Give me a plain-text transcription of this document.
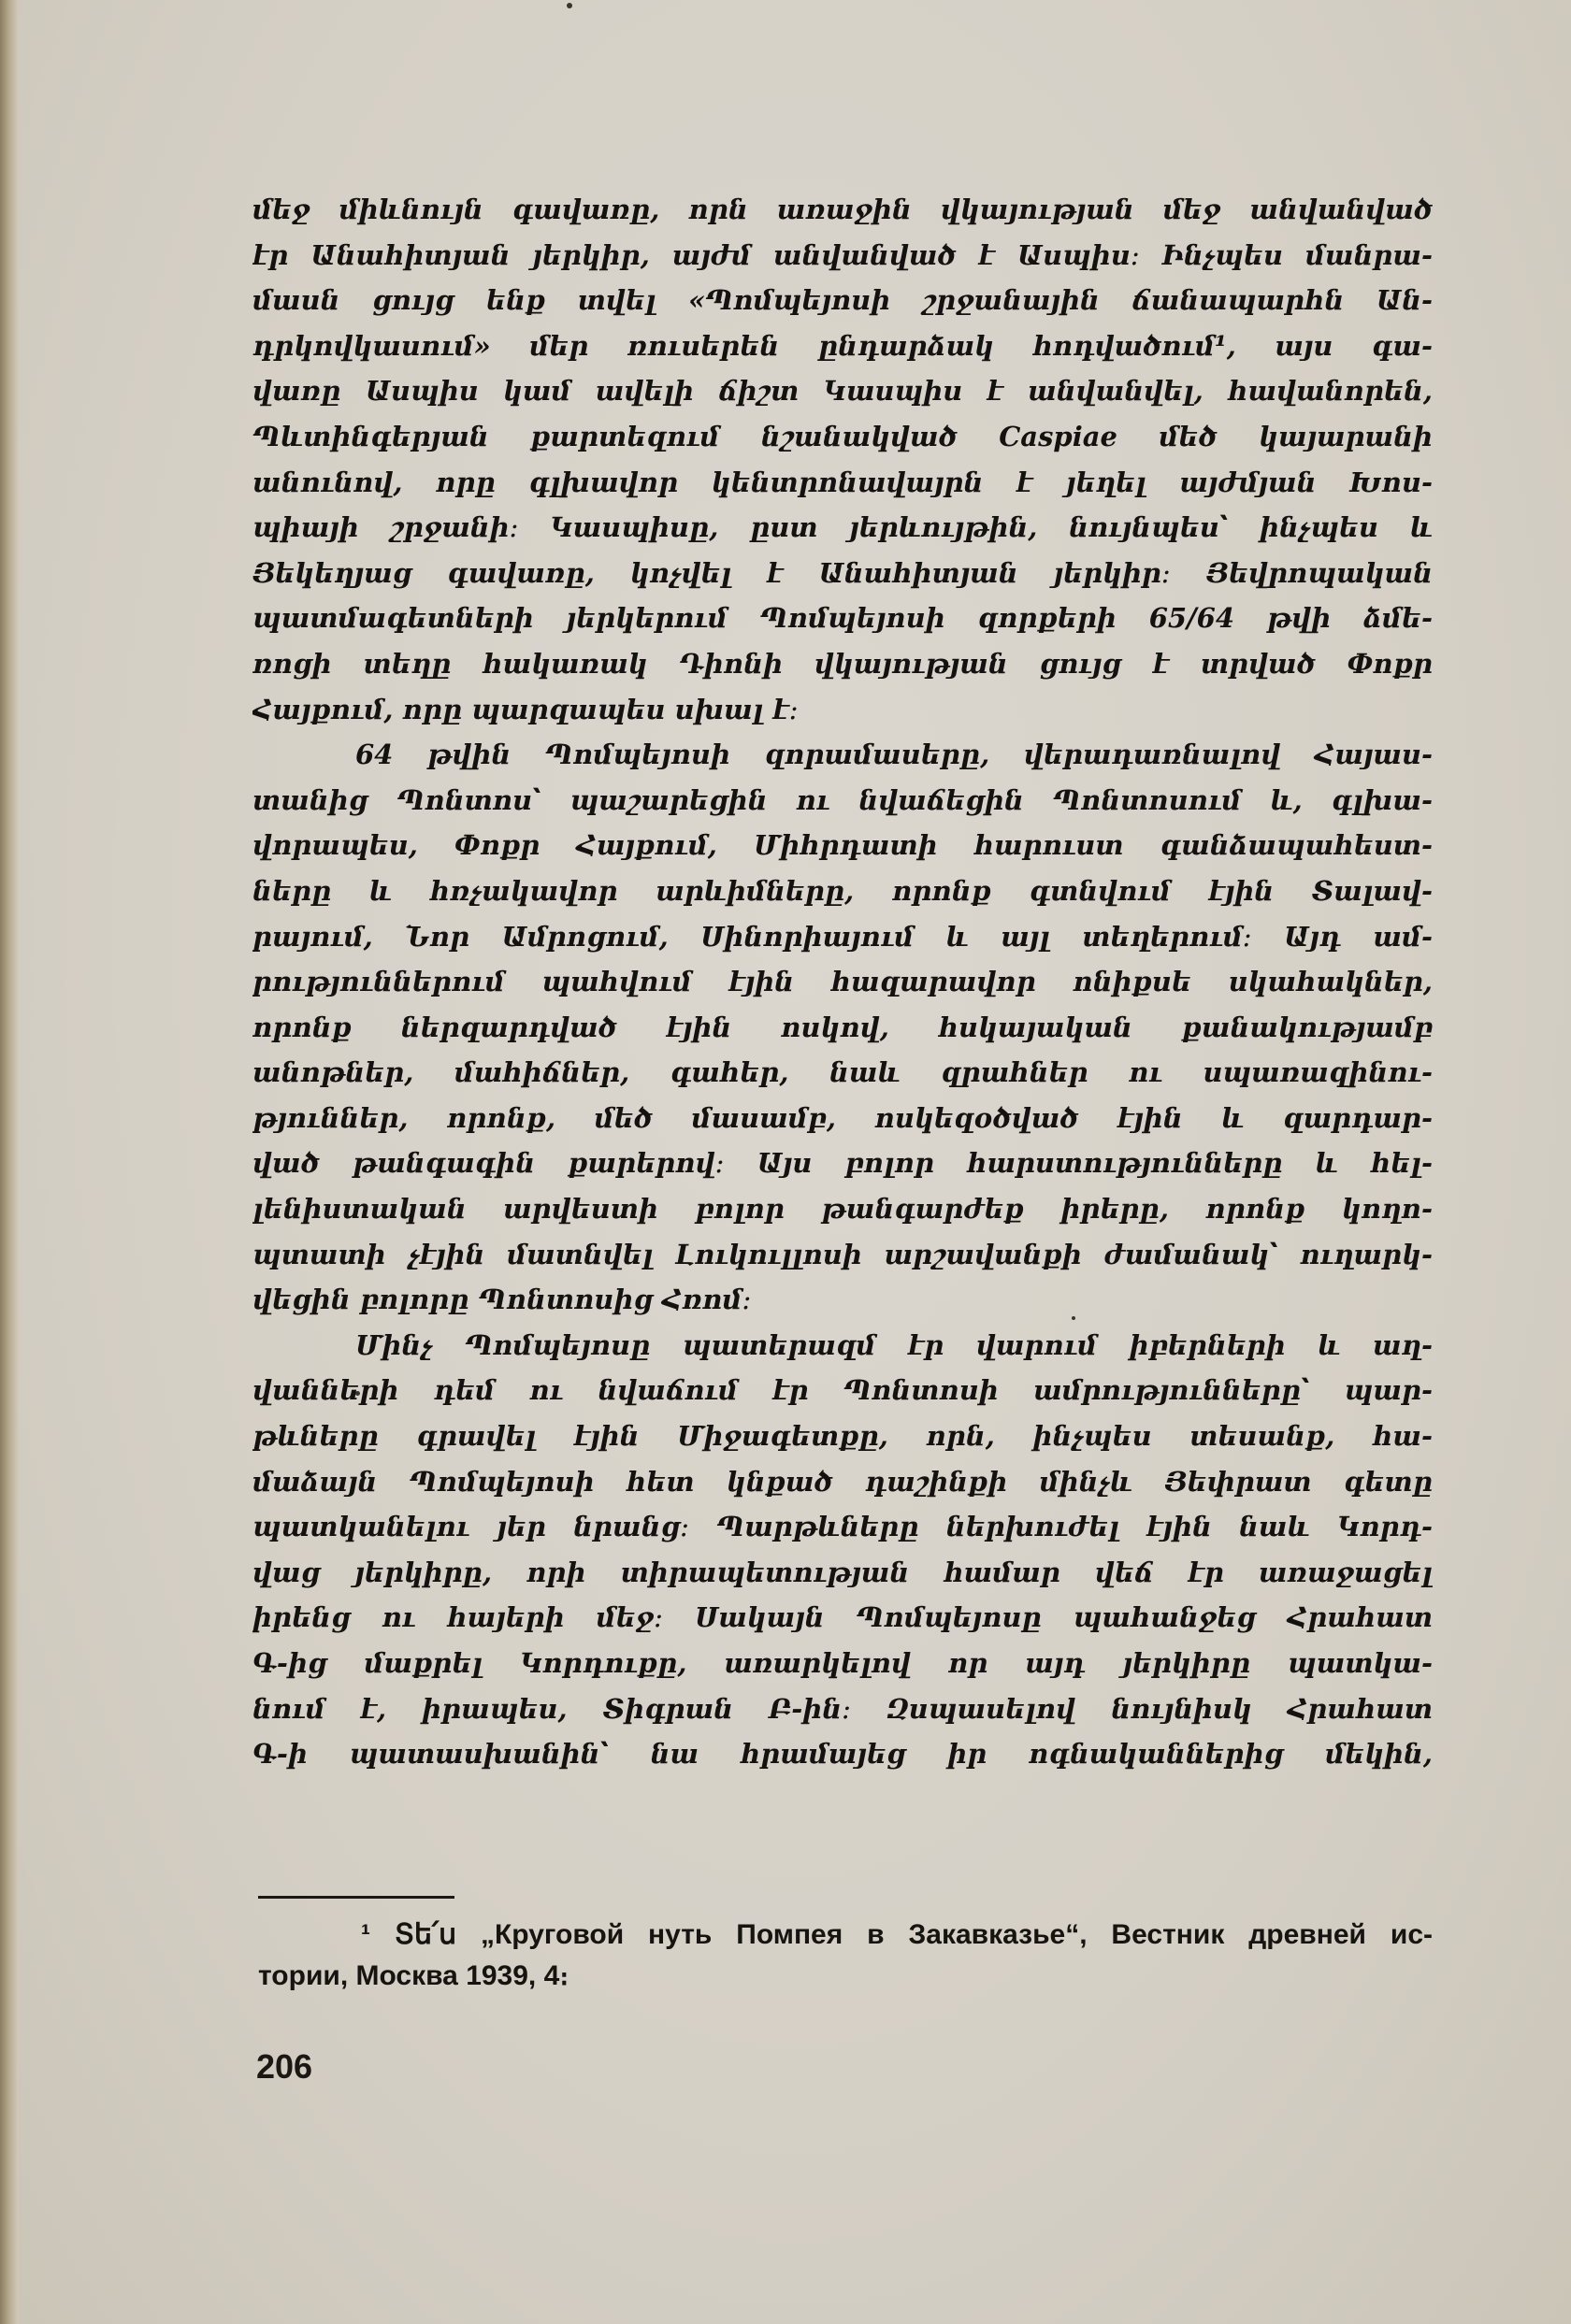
մեջ միևնույն գավառը, որն առաջին վկայության մեջ անվանված
էր Անահիտյան յերկիր, այժմ անվանված է Ասպիս։ Ինչպես մանրա-
մասն ցույց ենք տվել «Պոմպեյոսի շրջանային ճանապարհն Ան-
դրկովկասում» մեր ռուսերեն ընդարձակ հոդվածում¹, այս գա-
վառը Ասպիս կամ ավելի ճիշտ Կասպիս է անվանվել, հավանորեն,
Պևտինգերյան քարտեզում նշանակված Caspiae մեծ կայարանի
անունով, որը գլխավոր կենտրոնավայրն է յեղել այժմյան Խոս-
պիայի շրջանի։ Կասպիսը, ըստ յերևույթին, նույնպես՝ ինչպես և
Յեկեղյաց գավառը, կոչվել է Անահիտյան յերկիր։ Յեվրոպական
պատմագետների յերկերում Պոմպեյոսի զորքերի 65/64 թվի ձմե-
ռոցի տեղը հակառակ Դիոնի վկայության ցույց է տրված Փոքր
Հայքում, որը պարզապես սխալ է։
64 թվին Պոմպեյոսի զորամասերը, վերադառնալով Հայաս-
տանից Պոնտոս՝ պաշարեցին ու նվաճեցին Պոնտոսում և, գլխա-
վորապես, Փոքր Հայքում, Միհրդատի հարուստ գանձապահեստ-
ները և հռչակավոր արևիմները, որոնք գտնվում էյին Տալավ-
րայում, Նոր Ամրոցում, Սինորիայում և այլ տեղերում։ Այդ ամ-
րություններում պահվում էյին հազարավոր ոնիքսե սկահակներ,
որոնք ներզարդված էյին ոսկով, հսկայական քանակությամբ
անոթներ, մահիճներ, գահեր, նաև զրահներ ու սպառազինու-
թյուններ, որոնք, մեծ մասամբ, ոսկեզօծված էյին և զարդար-
ված թանգագին քարերով։ Այս բոլոր հարստությունները և հել-
լենիստական արվեստի բոլոր թանգարժեք իրերը, որոնք կողո-
պտատի չէյին մատնվել Լուկուլլոսի արշավանքի ժամանակ՝ ուղարկ-
վեցին բոլորը Պոնտոսից Հռոմ։
Մինչ Պոմպեյոսը պատերազմ էր վարում իբերների և աղ-
վանների դեմ ու նվաճում էր Պոնտոսի ամրությունները՝ պար-
թևները գրավել էյին Միջագետքը, որն, ինչպես տեսանք, հա-
մաձայն Պոմպեյոսի հետ կնքած դաշինքի մինչև Յեփրատ գետը
պատկանելու յեր նրանց։ Պարթևները ներխուժել էյին նաև Կորդ-
վաց յերկիրը, որի տիրապետության համար վեճ էր առաջացել
իրենց ու հայերի մեջ։ Սակայն Պոմպեյոսը պահանջեց Հրահատ
Գ-ից մաքրել Կորդուքը, առարկելով որ այդ յերկիրը պատկա-
նում է, իրապես, Տիգրան Բ-ին։ Զսպասելով նույնիսկ Հրահատ
Գ-ի պատասխանին՝ նա հրամայեց իր ոգնականներից մեկին,
¹ Տե՛ս „Круговой нуть Помпея в Закавказье“, Вестник древней ис-
тории, Москва 1939, 4։
206
